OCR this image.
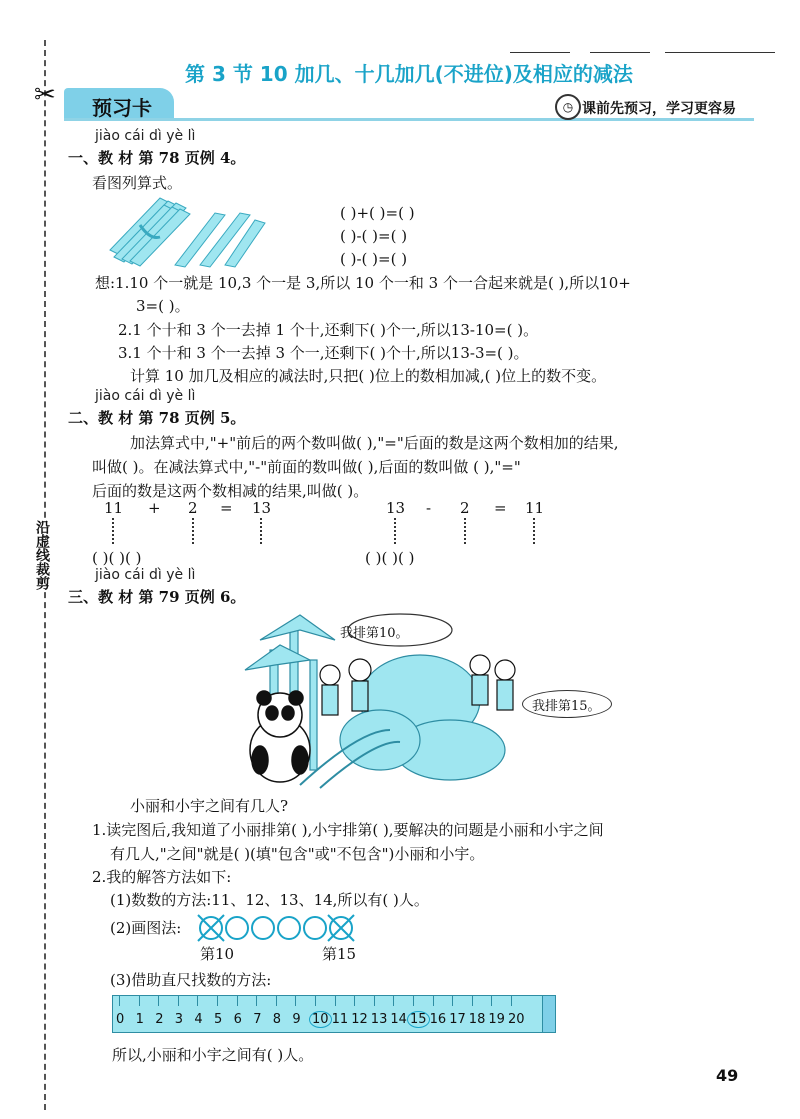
✂
沿虚线裁剪
第 3 节 10 加几、十几加几(不进位)及相应的减法
预习卡	◷ 课前先预习，学习更容易
jiào cái dì yè lì
一、教 材 第 78 页例 4。
看图列算式。
( )+( )=( )
( )-( )=( )
( )-( )=( )
想:1.10 个一就是 10,3 个一是 3,所以 10 个一和 3 个一合起来就是( ),所以10+
3=( )。
2.1 个十和 3 个一去掉 1 个十,还剩下( )个一,所以13-10=( )。
3.1 个十和 3 个一去掉 3 个一,还剩下( )个十,所以13-3=( )。
计算 10 加几及相应的减法时,只把( )位上的数相加减,( )位上的数不变。
jiào cái dì yè lì
二、教 材 第 78 页例 5。
加法算式中,"+"前后的两个数叫做( ),"="后面的数是这两个数相加的结果,
叫做( )。在减法算式中,"-"前面的数叫做( ),后面的数叫做 ( ),"="
后面的数是这两个数相减的结果,叫做( )。
11 + 2 = 13
( )( )( )
13 - 2 = 11
( )( )( )
jiào cái dì yè lì
三、教 材 第 79 页例 6。
我排第10。
我排第15。
小丽和小宇之间有几人?
1.读完图后,我知道了小丽排第( ),小宇排第( ),要解决的问题是小丽和小宇之间
有几人,"之间"就是( )(填"包含"或"不包含")小丽和小宇。
2.我的解答方法如下:
(1)数数的方法:11、12、13、14,所以有( )人。
(2)画图法:
第10	第15
(3)借助直尺找数的方法:
0 1 2 3 4 5 6 7 8 9 10 11 12 13 14 15 16 17 18 19 20
所以,小丽和小宇之间有( )人。
49
